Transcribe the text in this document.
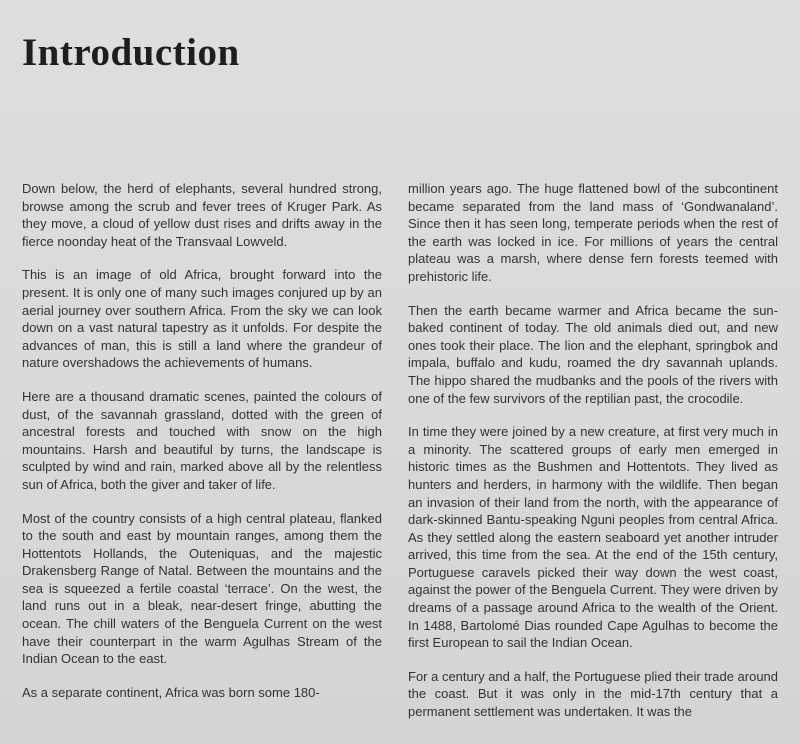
Introduction

Down below, the herd of elephants, several hundred strong, browse among the scrub and fever trees of Kruger Park. As they move, a cloud of yellow dust rises and drifts away in the fierce noonday heat of the Transvaal Lowveld.

This is an image of old Africa, brought forward into the present. It is only one of many such images conjured up by an aerial journey over southern Africa. From the sky we can look down on a vast natural tapestry as it unfolds. For despite the advances of man, this is still a land where the grandeur of nature overshadows the achievements of humans.

Here are a thousand dramatic scenes, painted the colours of dust, of the savannah grassland, dotted with the green of ancestral forests and touched with snow on the high mountains. Harsh and beautiful by turns, the landscape is sculpted by wind and rain, marked above all by the relentless sun of Africa, both the giver and taker of life.

Most of the country consists of a high central plateau, flanked to the south and east by mountain ranges, among them the Hottentots Hollands, the Outeniquas, and the majestic Drakensberg Range of Natal. Between the mountains and the sea is squeezed a fertile coastal ‘terrace’. On the west, the land runs out in a bleak, near-desert fringe, abutting the ocean. The chill waters of the Benguela Current on the west have their counterpart in the warm Agulhas Stream of the Indian Ocean to the east.

As a separate continent, Africa was born some 180-

million years ago. The huge flattened bowl of the subcontinent became separated from the land mass of ‘Gondwanaland’. Since then it has seen long, temperate periods when the rest of the earth was locked in ice. For millions of years the central plateau was a marsh, where dense fern forests teemed with prehistoric life.

Then the earth became warmer and Africa became the sun-baked continent of today. The old animals died out, and new ones took their place. The lion and the elephant, springbok and impala, buffalo and kudu, roamed the dry savannah uplands. The hippo shared the mudbanks and the pools of the rivers with one of the few survivors of the reptilian past, the crocodile.

In time they were joined by a new creature, at first very much in a minority. The scattered groups of early men emerged in historic times as the Bushmen and Hottentots. They lived as hunters and herders, in harmony with the wildlife. Then began an invasion of their land from the north, with the appearance of dark-skinned Bantu-speaking Nguni peoples from central Africa. As they settled along the eastern seaboard yet another intruder arrived, this time from the sea. At the end of the 15th century, Portuguese caravels picked their way down the west coast, against the power of the Benguela Current. They were driven by dreams of a passage around Africa to the wealth of the Orient. In 1488, Bartolomé Dias rounded Cape Agulhas to become the first European to sail the Indian Ocean.

For a century and a half, the Portuguese plied their trade around the coast. But it was only in the mid-17th century that a permanent settlement was undertaken. It was the
